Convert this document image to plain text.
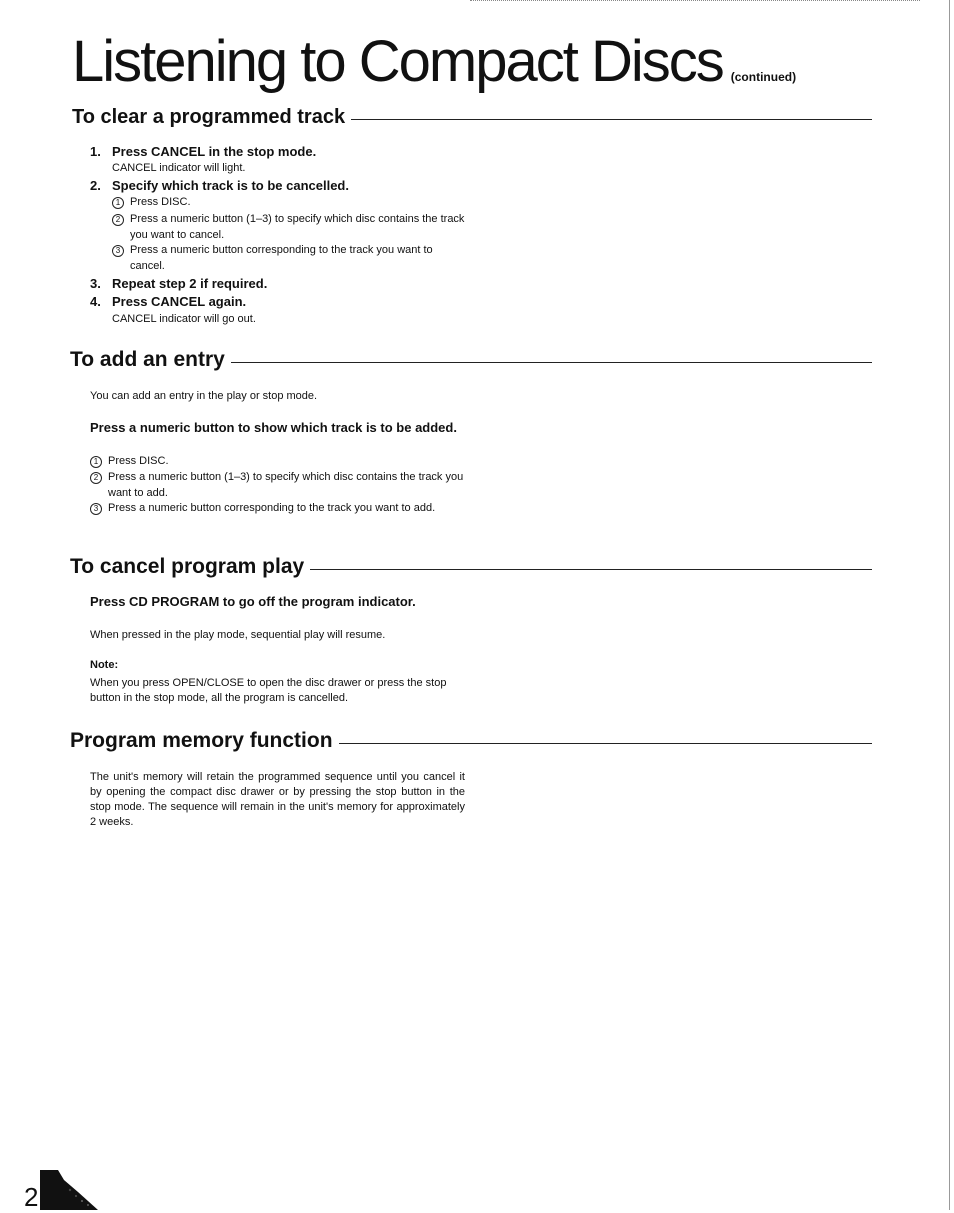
Listening to Compact Discs (continued)
To clear a programmed track
1. Press CANCEL in the stop mode.
CANCEL indicator will light.
2. Specify which track is to be cancelled.
1 Press DISC.
2 Press a numeric button (1–3) to specify which disc contains the track you want to cancel.
3 Press a numeric button corresponding to the track you want to cancel.
3. Repeat step 2 if required.
4. Press CANCEL again.
CANCEL indicator will go out.
To add an entry
You can add an entry in the play or stop mode.
Press a numeric button to show which track is to be added.
1 Press DISC.
2 Press a numeric button (1–3) to specify which disc contains the track you want to add.
3 Press a numeric button corresponding to the track you want to add.
To cancel program play
Press CD PROGRAM to go off the program indicator.
When pressed in the play mode, sequential play will resume.
Note:
When you press OPEN/CLOSE to open the disc drawer or press the stop button in the stop mode, all the program is cancelled.
Program memory function
The unit's memory will retain the programmed sequence until you cancel it by opening the compact disc drawer or by pressing the stop button in the stop mode. The sequence will remain in the unit's memory for approximately 2 weeks.
2
